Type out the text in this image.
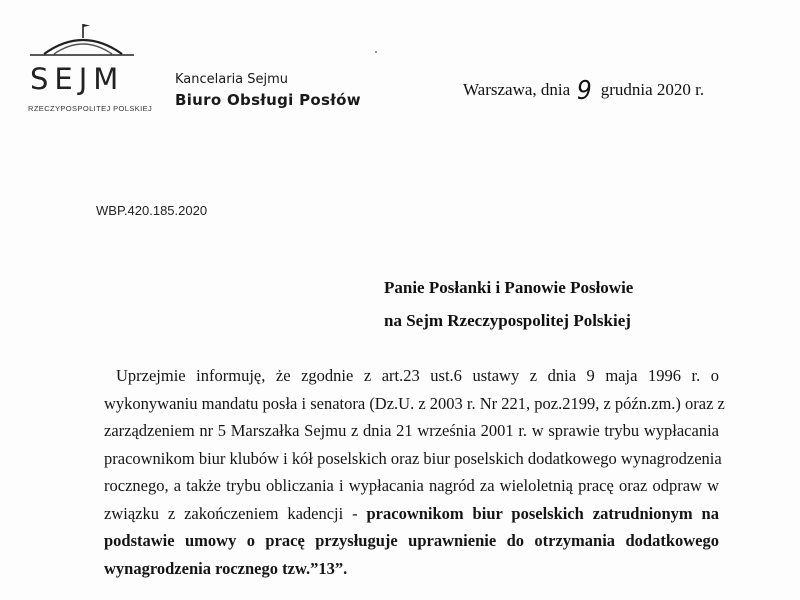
SEJM
RZECZYPOSPOLITEJ POLSKIEJ
Kancelaria Sejmu
Biuro Obsługi Posłów
Warszawa, dnia 9 grudnia 2020 r.
WBP.420.185.2020
Panie Posłanki i Panowie Posłowie
na Sejm Rzeczypospolitej Polskiej
Uprzejmie informuję, że zgodnie z art.23 ust.6 ustawy z dnia 9 maja 1996 r. o
wykonywaniu mandatu posła i senatora (Dz.U. z 2003 r. Nr 221, poz.2199, z późn.zm.) oraz z
zarządzeniem nr 5 Marszałka Sejmu z dnia 21 września 2001 r. w sprawie trybu wypłacania
pracownikom biur klubów i kół poselskich oraz biur poselskich dodatkowego wynagrodzenia
rocznego, a także trybu obliczania i wypłacania nagród za wieloletnią pracę oraz odpraw w
związku z zakończeniem kadencji - pracownikom biur poselskich zatrudnionym na
podstawie umowy o pracę przysługuje uprawnienie do otrzymania dodatkowego
wynagrodzenia rocznego tzw.”13”.
